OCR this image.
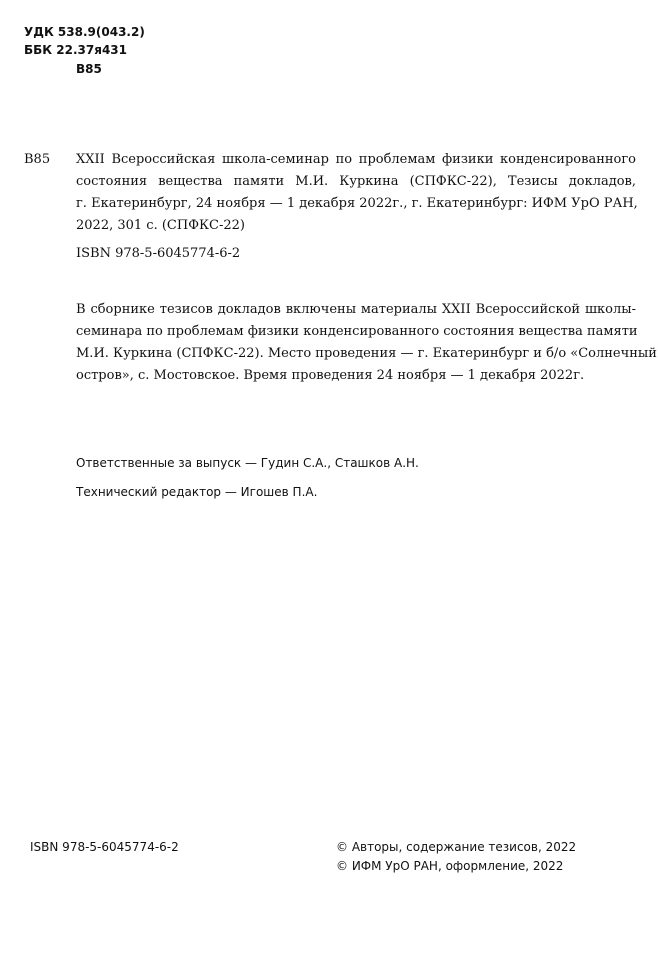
УДК 538.9(043.2)
ББК 22.37я431
В85
В85 XXII Всероссийская школа-семинар по проблемам физики конденсированного
состояния вещества памяти М.И. Куркина (СПФКС-22), Тезисы докладов,
г. Екатеринбург, 24 ноября — 1 декабря 2022г., г. Екатеринбург: ИФМ УрО РАН,
2022, 301 с. (СПФКС-22)
ISBN 978-5-6045774-6-2
В сборнике тезисов докладов включены материалы XXII Всероссийской школы-
семинара по проблемам физики конденсированного состояния вещества памяти
М.И. Куркина (СПФКС-22). Место проведения — г. Екатеринбург и б/о «Солнечный
остров», с. Мостовское. Время проведения 24 ноября — 1 декабря 2022г.
Ответственные за выпуск — Гудин С.А., Сташков А.Н.
Технический редактор — Игошев П.А.
ISBN 978-5-6045774-6-2	© Авторы, содержание тезисов, 2022
© ИФМ УрО РАН, оформление, 2022
